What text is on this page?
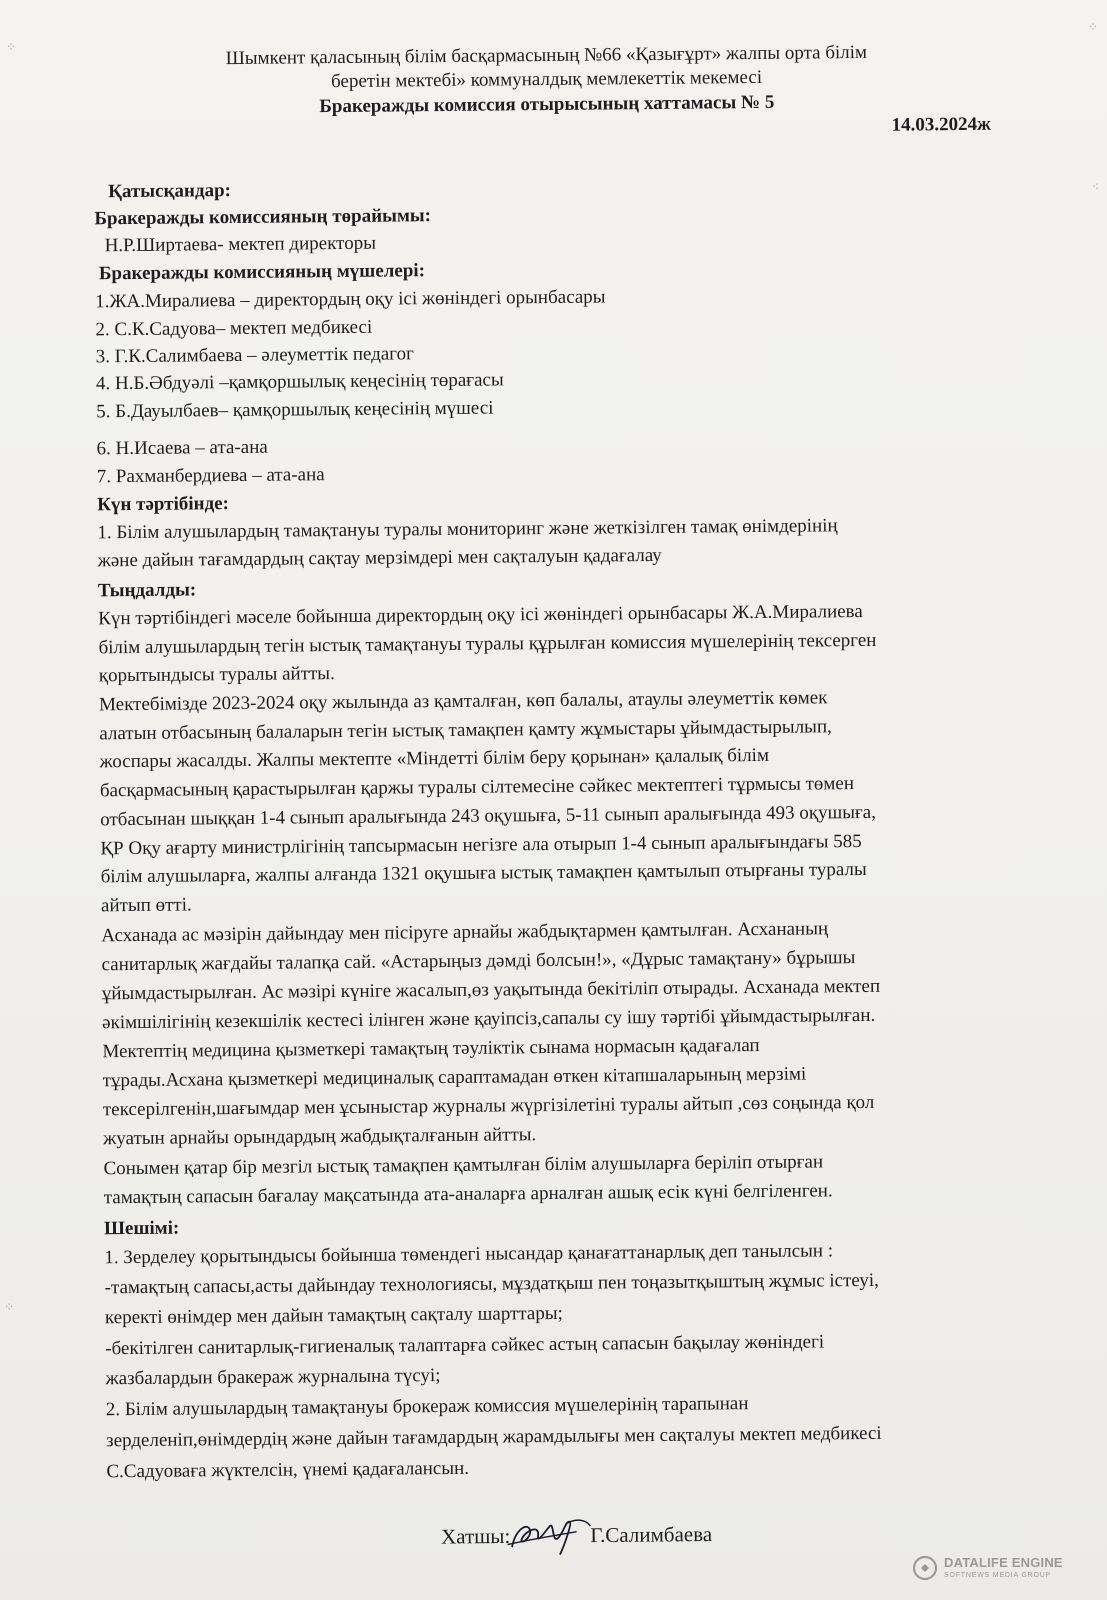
Шымкент қаласының білім басқармасының №66 «Қазығұрт» жалпы орта білім
беретін мектебі» коммуналдық мемлекеттік мекемесі
Бракеражды комиссия отырысының хаттамасы № 5
14.03.2024ж
Қатысқандар:
Бракеражды комиссияның төрайымы:
Н.Р.Ширтаева- мектеп директоры
Бракеражды комиссияның мүшелері:
1.ЖА.Миралиева – директордың оқу ісі жөніндегі орынбасары
2. С.К.Садуова– мектеп медбикесі
3. Г.К.Салимбаева – әлеуметтік педагог
4. Н.Б.Әбдуәлі –қамқоршылық кеңесінің төрағасы
5. Б.Дауылбаев– қамқоршылық кеңесінің мүшесі
6. Н.Исаева – ата-ана
7. Рахманбердиева – ата-ана
Күн тәртібінде:
1. Білім алушылардың тамақтануы туралы мониторинг және жеткізілген тамақ өнімдерінің
және дайын тағамдардың сақтау мерзімдері мен сақталуын қадағалау
Тыңдалды:
Күн тәртібіндегі мәселе бойынша директордың оқу ісі жөніндегі орынбасары Ж.А.Миралиева
білім алушылардың тегін ыстық тамақтануы туралы құрылған комиссия мүшелерінің тексерген
қорытындысы туралы айтты.
Мектебімізде 2023-2024 оқу жылында аз қамталған, көп балалы, атаулы әлеуметтік көмек
алатын отбасының балаларын тегін ыстық тамақпен қамту жұмыстары ұйымдастырылып,
жоспары жасалды. Жалпы мектепте «Міндетті білім беру қорынан» қалалық білім
басқармасының қарастырылған қаржы туралы сілтемесіне сәйкес мектептегі тұрмысы төмен
отбасынан шыққан 1-4 сынып аралығында 243 оқушыға, 5-11 сынып аралығында 493 оқушыға,
ҚР Оқу ағарту министрлігінің тапсырмасын негізге ала отырып 1-4 сынып аралығындағы 585
білім алушыларға, жалпы алғанда 1321 оқушыға ыстық тамақпен қамтылып отырғаны туралы
айтып өтті.
Асханада ас мәзірін дайындау мен пісіруге арнайы жабдықтармен қамтылған. Асхананың
санитарлық жағдайы талапқа сай. «Астарыңыз дәмді болсын!», «Дұрыс тамақтану» бұрышы
ұйымдастырылған. Ас мәзірі күнігe жасалып,өз уақытында бекітіліп отырады. Асханада мектеп
әкімшілігінің кезекшілік кестесі ілінген және қауіпсіз,сапалы су ішу тәртібі ұйымдастырылған.
Мектептің медицина қызметкері тамақтың тәуліктік сынама нормасын қадағалап
тұрады.Асхана қызметкері медициналық сараптамадан өткен кітапшаларының мерзімі
тексерілгенін,шағымдар мен ұсыныстар журналы жүргізілетіні туралы айтып ,сөз соңында қол
жуатын арнайы орындардың жабдықталғанын айтты.
Сонымен қатар бір мезгіл ыстық тамақпен қамтылған білім алушыларға беріліп отырған
тамақтың сапасын бағалау мақсатында ата-аналарға арналған ашық есік күні белгіленген.
Шешімі:
1. Зерделеу қорытындысы бойынша төмендегі нысандар қанағаттанарлық деп танылсын :
-тамақтың сапасы,асты дайындау технологиясы, мұздатқыш пен тоңазытқыштың жұмыс істеуі,
керекті өнімдер мен дайын тамақтың сақталу шарттары;
-бекітілген санитарлық-гигиеналық талаптарға сәйкес астың сапасын бақылау жөніндегі
жазбалардын бракераж журналына түсуі;
2. Білім алушылардың тамақтануы брокераж комиссия мүшелерінің тарапынан
зерделеніп,өнімдердің және дайын тағамдардың жарамдылығы мен сақталуы мектеп медбикесі
С.Садуоваға жүктелсін, үнемі қадағалансын.
Хатшы:	Г.Салимбаева
⁘
⁘
⁖
⁘
DATALIFE ENGINE
SOFTNEWS MEDIA GROUP
